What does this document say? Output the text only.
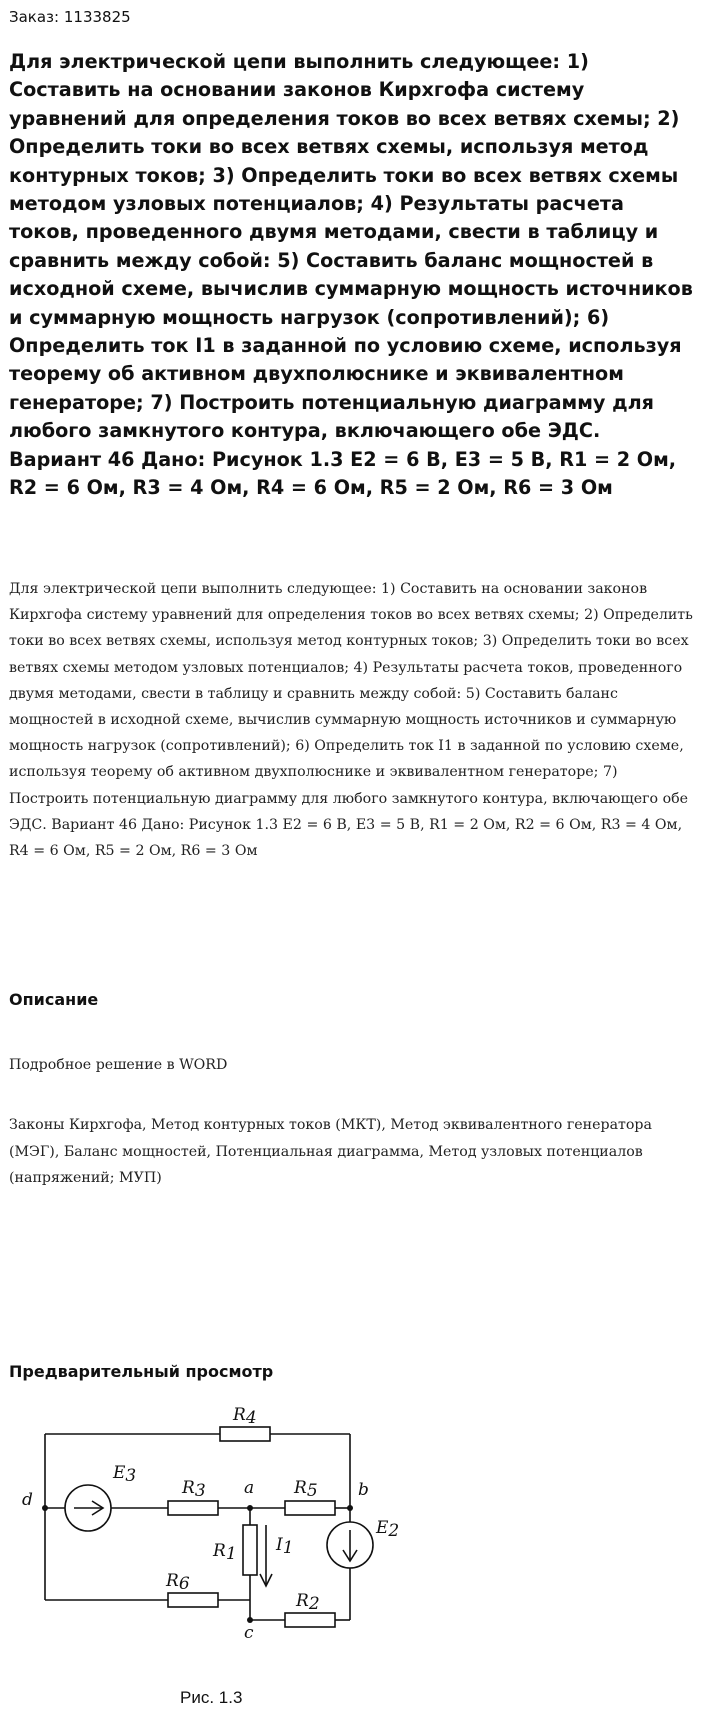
Заказ: 1133825
Для электрической цепи выполнить следующее: 1) Составить на основании законов Кирхгофа систему уравнений для определения токов во всех ветвях схемы; 2) Определить токи во всех ветвях схемы, используя метод контурных токов; 3) Определить токи во всех ветвях схемы методом узловых потенциалов; 4) Результаты расчета токов, проведенного двумя методами, свести в таблицу и сравнить между собой: 5) Составить баланс мощностей в исходной схеме, вычислив суммарную мощность источников и суммарную мощность нагрузок (сопротивлений); 6) Определить ток I1 в заданной по условию схеме, используя теорему об активном двухполюснике и эквивалентном генераторе; 7) Построить потенциальную диаграмму для любого замкнутого контура, включающего обе ЭДС. Вариант 46 Дано: Рисунок 1.3 E2 = 6 В, E3 = 5 В, R1 = 2 Ом, R2 = 6 Ом, R3 = 4 Ом, R4 = 6 Ом, R5 = 2 Ом, R6 = 3 Ом

Для электрической цепи выполнить следующее: 1) Составить на основании законов Кирхгофа систему уравнений для определения токов во всех ветвях схемы; 2) Определить токи во всех ветвях схемы, используя метод контурных токов; 3) Определить токи во всех ветвях схемы методом узловых потенциалов; 4) Результаты расчета токов, проведенного двумя методами, свести в таблицу и сравнить между собой: 5) Составить баланс мощностей в исходной схеме, вычислив суммарную мощность источников и суммарную мощность нагрузок (сопротивлений); 6) Определить ток I1 в заданной по условию схеме, используя теорему об активном двухполюснике и эквивалентном генераторе; 7) Построить потенциальную диаграмму для любого замкнутого контура, включающего обе ЭДС. Вариант 46 Дано: Рисунок 1.3 E2 = 6 В, E3 = 5 В, R1 = 2 Ом, R2 = 6 Ом, R3 = 4 Ом, R4 = 6 Ом, R5 = 2 Ом, R6 = 3 Ом

Описание

Подробное решение в WORD

Законы Кирхгофа, Метод контурных токов (МКТ), Метод эквивалентного генератора (МЭГ), Баланс мощностей, Потенциальная диаграмма, Метод узловых потенциалов (напряжений; МУП)

Предварительный просмотр
R4
R3	R5
R1
R6
R2
E3
E2
I1
a	b
c
d
Рис. 1.3
